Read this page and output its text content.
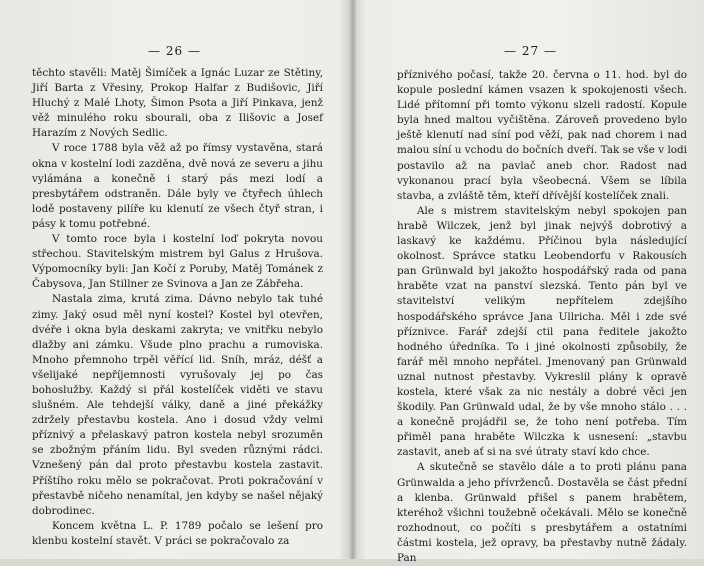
— 26 —

těchto stavěli: Matěj Šimíček a Ignác Luzar ze Stětiny, Jiří Barta z Vřesiny, Prokop Halfar z Budišovic, Jiří Hluchý z Malé Lhoty, Šimon Psota a Jiří Pinkava, jenž věž minulého roku sbourali, oba z Ilišovic a Josef Harazím z Nových Sedlic.

V roce 1788 byla věž až po římsy vystavěna, stará okna v kostelní lodi zazděna, dvě nová ze severu a jihu vylámána a konečně i starý pás mezi lodí a presbytářem odstraněn. Dále byly ve čtyřech úhlech lodě postaveny pilíře ku klenutí ze všech čtyř stran, i pásy k tomu potřebné.

V tomto roce byla i kostelní loď pokryta novou střechou. Stavitelským mistrem byl Galus z Hrušova. Výpomocníky byli: Jan Kočí z Poruby, Matěj Tománek z Čabysova, Jan Stillner ze Svinova a Jan ze Zábřeha.

Nastala zima, krutá zima. Dávno nebylo tak tuhé zimy. Jaký osud měl nyní kostel? Kostel byl otevřen, dvéře i okna byla deskami zakryta; ve vnitřku nebylo dlažby ani zámku. Všude plno prachu a rumoviska. Mnoho přemnoho trpěl věřící lid. Sníh, mráz, déšť a všelijaké nepříjemnosti vyrušovaly jej po čas bohoslužby. Každý si přál kostelíček viděti ve stavu slušném. Ale tehdejší války, daně a jiné překážky zdržely přestavbu kostela. Ano i dosud vždy velmi příznivý a přelaskavý patron kostela nebyl srozuměn se zbožným přáním lidu. Byl sveden různými rádci. Vznešený pán dal proto přestavbu kostela zastavit. Příštího roku mělo se pokračovat. Proti pokračování v přestavbě ničeho nenamítal, jen kdyby se našel nějaký dobrodinec.

Koncem května L. P. 1789 počalo se lešení pro klenbu kostelní stavět. V práci se pokračovalo za

— 27 —

příznivého počasí, takže 20. června o 11. hod. byl do kopule poslední kámen vsazen k spokojenosti všech. Lidé přítomní při tomto výkonu slzeli radostí. Kopule byla hned maltou vyčištěna. Zároveň provedeno bylo ještě klenutí nad síní pod věží, pak nad chorem i nad malou síní u vchodu do bočních dveří. Tak se vše v lodi postavilo až na pavlač aneb chor. Radost nad vykonanou prací byla všeobecná. Všem se líbila stavba, a zvláště těm, kteří dřívější kostelíček znali.

Ale s mistrem stavitelským nebyl spokojen pan hrabě Wilczek, jenž byl jinak nejvýš dobrotivý a laskavý ke každému. Příčinou byla následující okolnost. Správce statku Leobendorfu v Rakousích pan Grünwald byl jakožto hospodářský rada od pana hraběte vzat na panství slezská. Tento pán byl ve stavitelství velikým nepřítelem zdejšího hospodářského správce Jana Ullricha. Měl i zde své příznivce. Farář zdejší ctil pana ředitele jakožto hodného úředníka. To i jiné okolnosti způsobily, že farář měl mnoho nepřátel. Jmenovaný pan Grünwald uznal nutnost přestavby. Vykreslil plány k opravě kostela, které však za nic nestály a dobré věci jen škodily. Pan Grünwald udal, že by vše mnoho stálo . . . a konečně projádřil se, že toho není potřeba. Tím přiměl pana hraběte Wilczka k usnesení: „stavbu zastavit, aneb ať si na své útraty staví kdo chce.

A skutečně se stavělo dále a to proti plánu pana Grünwalda a jeho přívrženců. Dostavěla se část přední a klenba. Grünwald přišel s panem hrabětem, kteréhož všichni toužebně očekávali. Mělo se konečně rozhodnout, co počíti s presbytářem a ostatními částmi kostela, jež opravy, ba přestavby nutně žádaly. Pan
